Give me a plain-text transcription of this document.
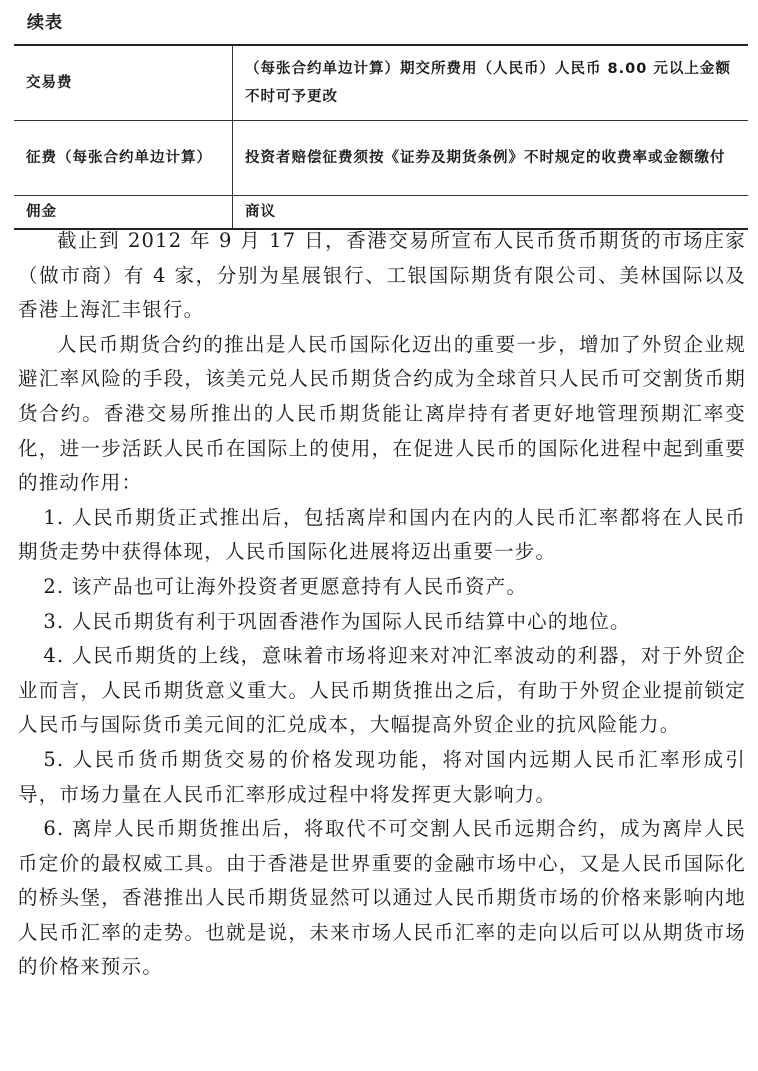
续表
交易费	（每张合约单边计算）期交所费用（人民币）人民币 8.00 元以上金额不时可予更改
征费（每张合约单边计算）	投资者赔偿征费须按《证券及期货条例》不时规定的收费率或金额缴付
佣金	商议

截止到 2012 年 9 月 17 日，香港交易所宣布人民币货币期货的市场庄家（做市商）有 4 家，分别为星展银行、工银国际期货有限公司、美林国际以及香港上海汇丰银行。

人民币期货合约的推出是人民币国际化迈出的重要一步，增加了外贸企业规避汇率风险的手段，该美元兑人民币期货合约成为全球首只人民币可交割货币期货合约。香港交易所推出的人民币期货能让离岸持有者更好地管理预期汇率变化，进一步活跃人民币在国际上的使用，在促进人民币的国际化进程中起到重要的推动作用：

1. 人民币期货正式推出后，包括离岸和国内在内的人民币汇率都将在人民币期货走势中获得体现，人民币国际化进展将迈出重要一步。

2. 该产品也可让海外投资者更愿意持有人民币资产。

3. 人民币期货有利于巩固香港作为国际人民币结算中心的地位。

4. 人民币期货的上线，意味着市场将迎来对冲汇率波动的利器，对于外贸企业而言，人民币期货意义重大。人民币期货推出之后，有助于外贸企业提前锁定人民币与国际货币美元间的汇兑成本，大幅提高外贸企业的抗风险能力。

5. 人民币货币期货交易的价格发现功能，将对国内远期人民币汇率形成引导，市场力量在人民币汇率形成过程中将发挥更大影响力。

6. 离岸人民币期货推出后，将取代不可交割人民币远期合约，成为离岸人民币定价的最权威工具。由于香港是世界重要的金融市场中心，又是人民币国际化的桥头堡，香港推出人民币期货显然可以通过人民币期货市场的价格来影响内地人民币汇率的走势。也就是说，未来市场人民币汇率的走向以后可以从期货市场的价格来预示。
